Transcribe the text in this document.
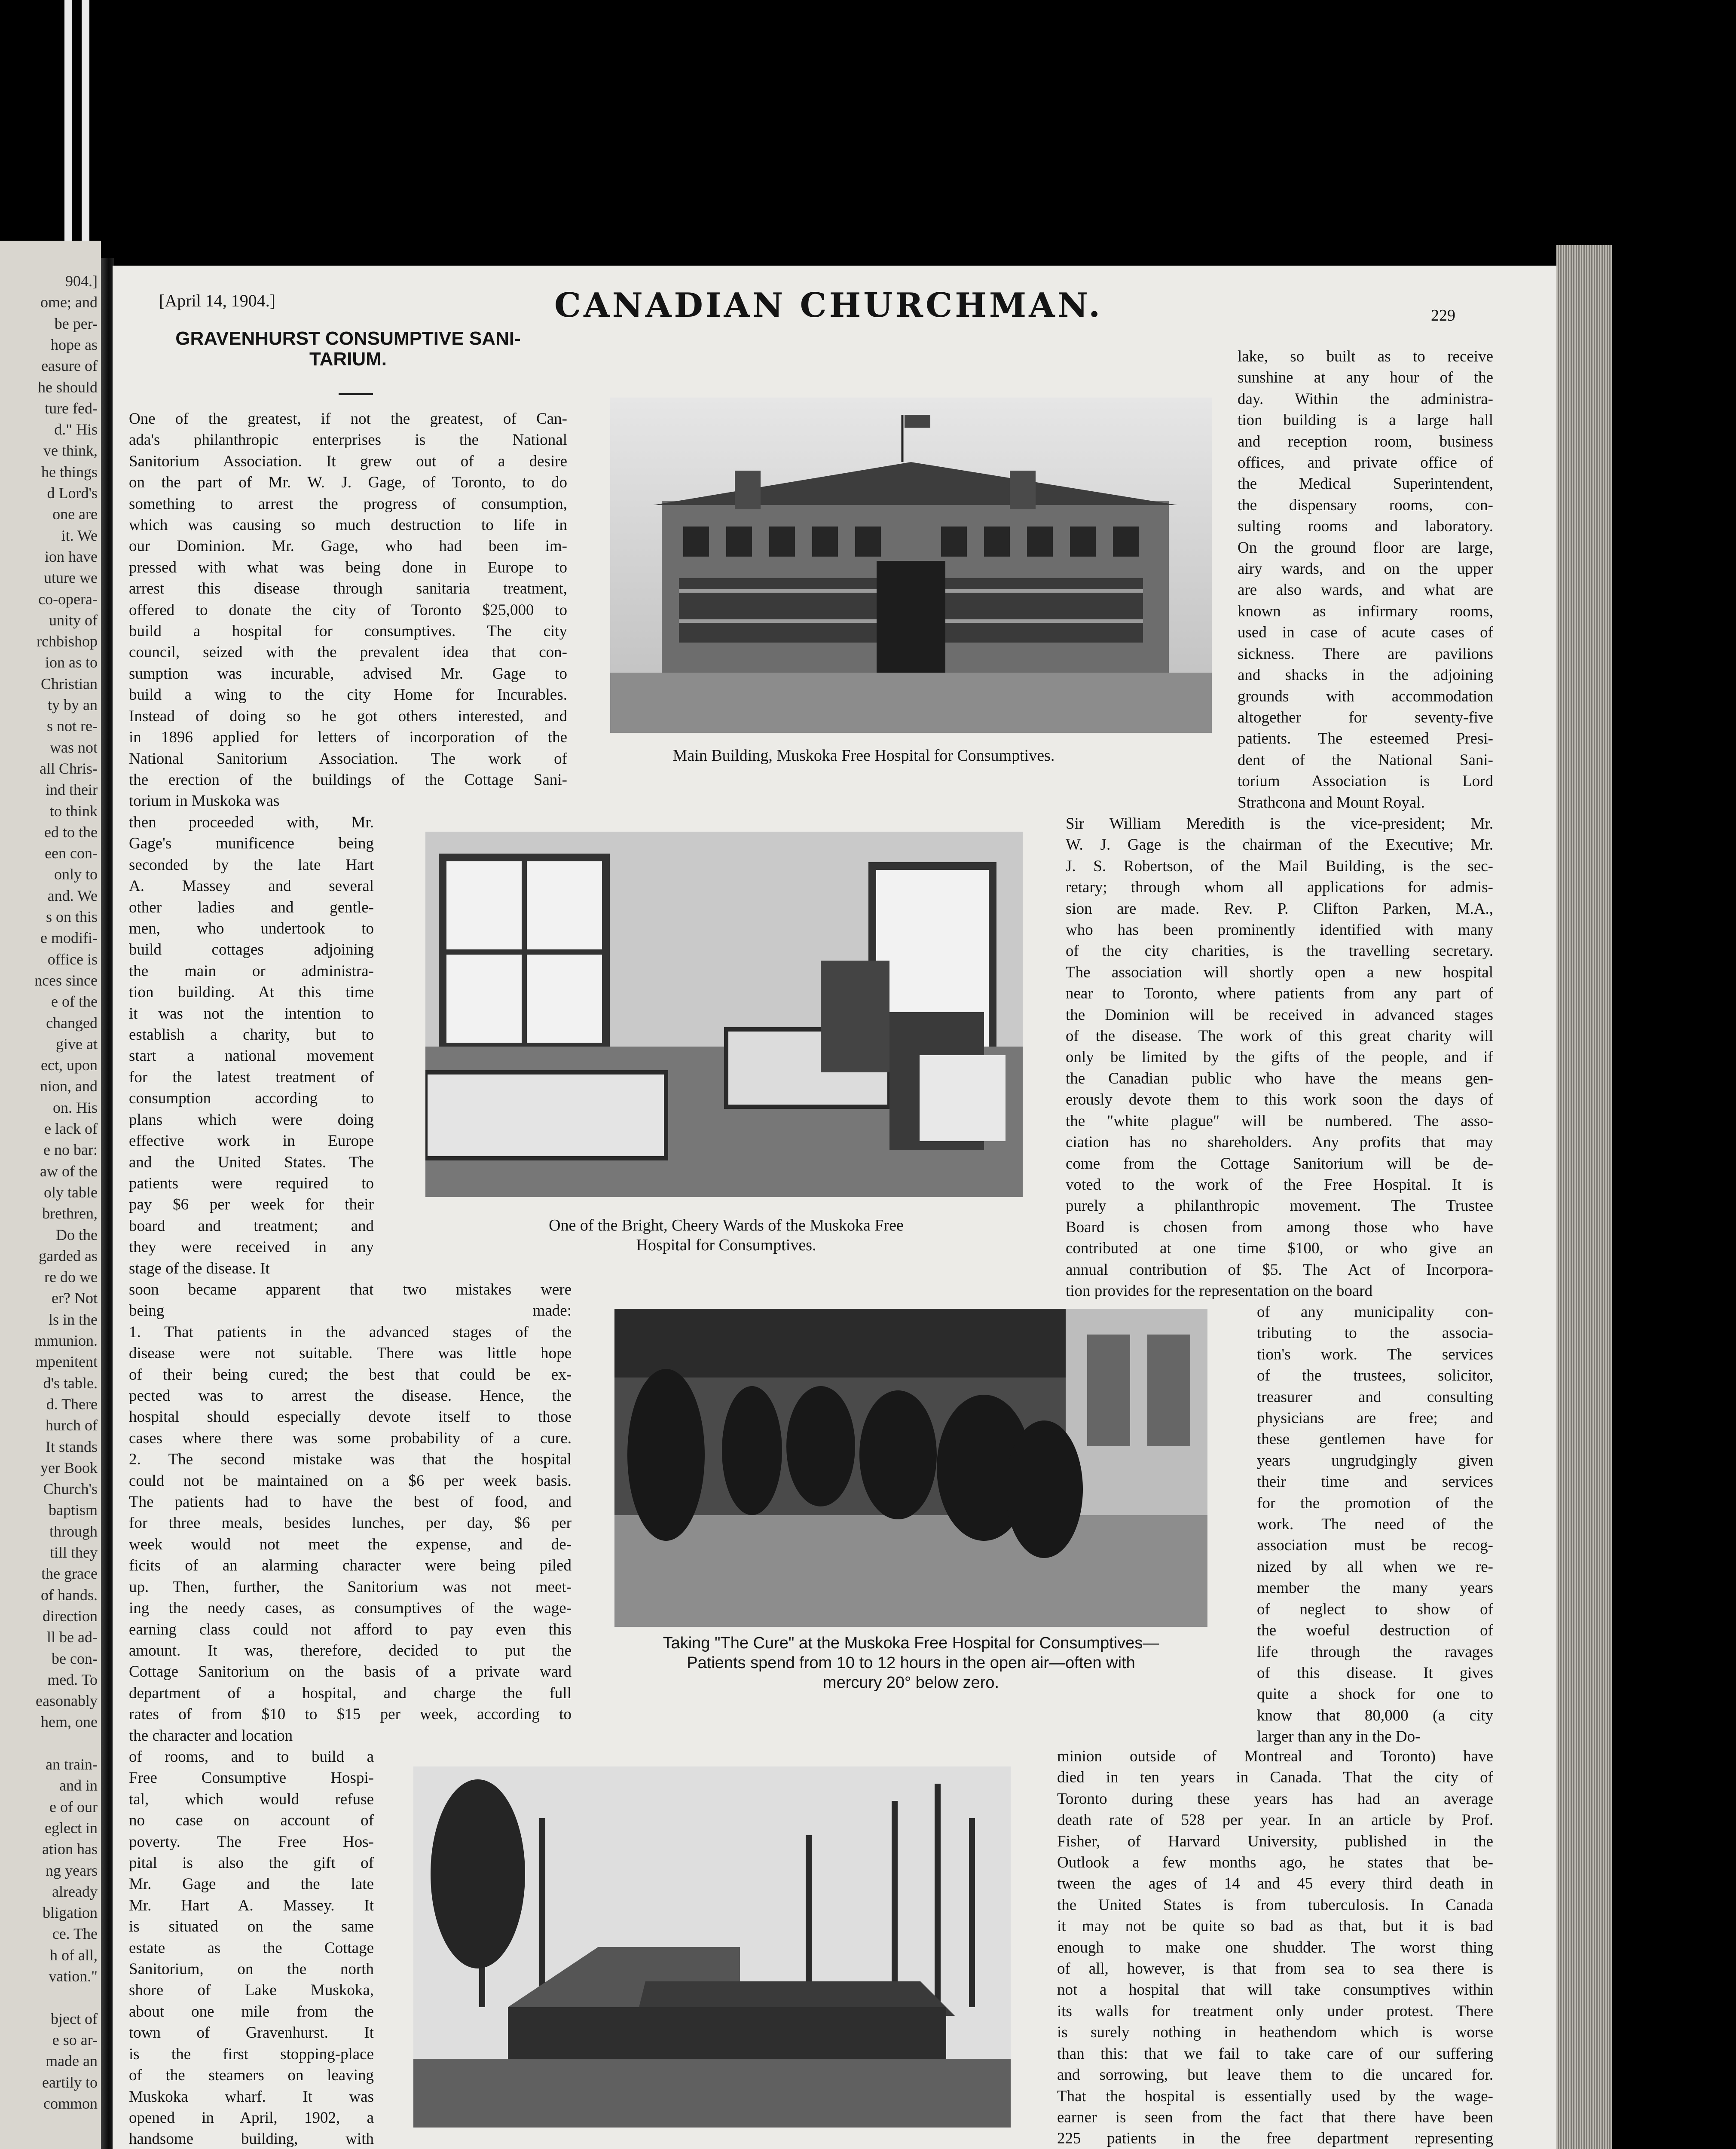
904.]
ome; and
be per-
hope as
easure of
he should
ture fed-
d." His
ve think,
he things
d Lord's
one are
it. We
ion have
uture we
co-opera-
unity of
rchbishop
ion as to
Christian
ty by an
s not re-
was not
all Chris-
ind their
to think
ed to the
een con-
only to
and. We
s on this
e modifi-
office is
nces since
e of the
changed
give at
ect, upon
nion, and
on. His
e lack of
e no bar:
aw of the
oly table
brethren,
Do the
garded as
re do we
er? Not
ls in the
mmunion.
mpenitent
d's table.
d. There
hurch of
It stands
yer Book
Church's
baptism
through
till they
the grace
of hands.
direction
ll be ad-
be con-
med. To
easonably
hem, one
an train-
and in
e of our
eglect in
ation has
ng years
already
bligation
ce. The
h of all,
vation."
bject of
e so ar-
made an
eartily to
common
[April 14, 1904.]	CANADIAN CHURCHMAN.	229
GRAVENHURST CONSUMPTIVE SANI-
TARIUM.
One of the greatest, if not the greatest, of Can-
ada's philanthropic enterprises is the National
Sanitorium Association. It grew out of a desire
on the part of Mr. W. J. Gage, of Toronto, to do
something to arrest the progress of consumption,
which was causing so much destruction to life in
our Dominion. Mr. Gage, who had been im-
pressed with what was being done in Europe to
arrest this disease through sanitaria treatment,
offered to donate the city of Toronto $25,000 to
build a hospital for consumptives. The city
council, seized with the prevalent idea that con-
sumption was incurable, advised Mr. Gage to
build a wing to the city Home for Incurables.
Instead of doing so he got others interested, and
in 1896 applied for letters of incorporation of the
National Sanitorium Association. The work of
the erection of the buildings of the Cottage Sani-
torium in Muskoka was
then proceeded with, Mr.
Gage's munificence being
seconded by the late Hart
A. Massey and several
other ladies and gentle-
men, who undertook to
build cottages adjoining
the main or administra-
tion building. At this time
it was not the intention to
establish a charity, but to
start a national movement
for the latest treatment of
consumption according to
plans which were doing
effective work in Europe
and the United States. The
patients were required to
pay $6 per week for their
board and treatment; and
they were received in any
stage of the disease. It
soon became apparent that two mistakes were
being made:
1. That patients in the advanced stages of the
disease were not suitable. There was little hope
of their being cured; the best that could be ex-
pected was to arrest the disease. Hence, the
hospital should especially devote itself to those
cases where there was some probability of a cure.
2. The second mistake was that the hospital
could not be maintained on a $6 per week basis.
The patients had to have the best of food, and
for three meals, besides lunches, per day, $6 per
week would not meet the expense, and de-
ficits of an alarming character were being piled
up. Then, further, the Sanitorium was not meet-
ing the needy cases, as consumptives of the wage-
earning class could not afford to pay even this
amount. It was, therefore, decided to put the
Cottage Sanitorium on the basis of a private ward
department of a hospital, and charge the full
rates of from $10 to $15 per week, according to
the character and location
of rooms, and to build a
Free Consumptive Hospi-
tal, which would refuse
no case on account of
poverty. The Free Hos-
pital is also the gift of
Mr. Gage and the late
Mr. Hart A. Massey. It
is situated on the same
estate as the Cottage
Sanitorium, on the north
shore of Lake Muskoka,
about one mile from the
town of Gravenhurst. It
is the first stopping-place
of the steamers on leaving
Muskoka wharf. It was
opened in April, 1902, a
handsome building, with
lake, so built as to receive
sunshine at any hour of the
day. Within the administra-
tion building is a large hall
and reception room, business
offices, and private office of
the Medical Superintendent,
the dispensary rooms, con-
sulting rooms and laboratory.
On the ground floor are large,
airy wards, and on the upper
are also wards, and what are
known as infirmary rooms,
used in case of acute cases of
sickness. There are pavilions
and shacks in the adjoining
grounds with accommodation
altogether for seventy-five
patients. The esteemed Presi-
dent of the National Sani-
torium Association is Lord
Strathcona and Mount Royal.
Sir William Meredith is the vice-president; Mr.
W. J. Gage is the chairman of the Executive; Mr.
J. S. Robertson, of the Mail Building, is the sec-
retary; through whom all applications for admis-
sion are made. Rev. P. Clifton Parken, M.A.,
who has been prominently identified with many
of the city charities, is the travelling secretary.
The association will shortly open a new hospital
near to Toronto, where patients from any part of
the Dominion will be received in advanced stages
of the disease. The work of this great charity will
only be limited by the gifts of the people, and if
the Canadian public who have the means gen-
erously devote them to this work soon the days of
the "white plague" will be numbered. The asso-
ciation has no shareholders. Any profits that may
come from the Cottage Sanitorium will be de-
voted to the work of the Free Hospital. It is
purely a philanthropic movement. The Trustee
Board is chosen from among those who have
contributed at one time $100, or who give an
annual contribution of $5. The Act of Incorpora-
tion provides for the representation on the board
of any municipality con-
tributing to the associa-
tion's work. The services
of the trustees, solicitor,
treasurer and consulting
physicians are free; and
these gentlemen have for
years ungrudgingly given
their time and services
for the promotion of the
work. The need of the
association must be recog-
nized by all when we re-
member the many years
of neglect to show of
the woeful destruction of
life through the ravages
of this disease. It gives
quite a shock for one to
know that 80,000 (a city
larger than any in the Do-
minion outside of Montreal and Toronto) have
died in ten years in Canada. That the city of
Toronto during these years has had an average
death rate of 528 per year. In an article by Prof.
Fisher, of Harvard University, published in the
Outlook a few months ago, he states that be-
tween the ages of 14 and 45 every third death in
the United States is from tuberculosis. In Canada
it may not be quite so bad as that, but it is bad
enough to make one shudder. The worst thing
of all, however, is that from sea to sea there is
not a hospital that will take consumptives within
its walls for treatment only under protest. There
is surely nothing in heathendom which is worse
than this: that we fail to take care of our suffering
and sorrowing, but leave them to die uncared for.
That the hospital is essentially used by the wage-
earner is seen from the fact that there have been
225 patients in the free department representing
Main Building, Muskoka Free Hospital for Consumptives.
One of the Bright, Cheery Wards of the Muskoka Free
Hospital for Consumptives.
Taking "The Cure" at the Muskoka Free Hospital for Consumptives—
Patients spend from 10 to 12 hours in the open air—often with
mercury 20° below zero.
